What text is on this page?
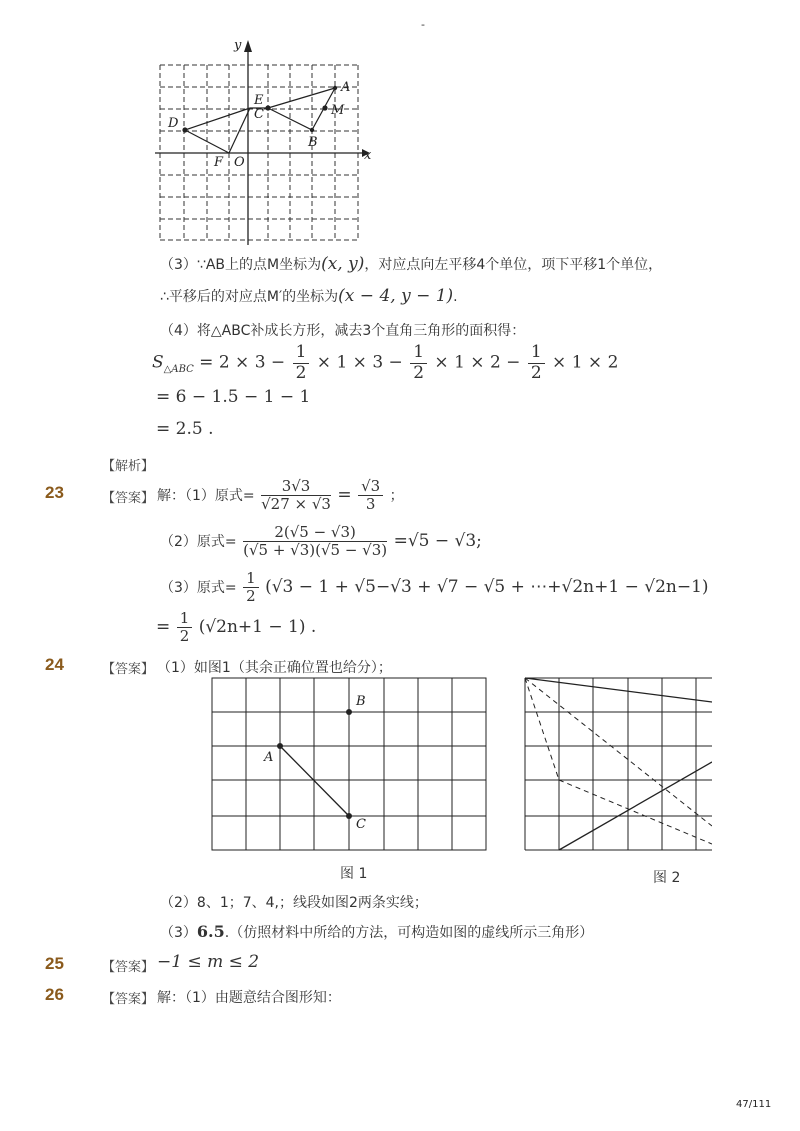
-
y
x
A
E
M
C
D
B
F O
（3）∵AB上的点M坐标为(x, y)，对应点向左平移4个单位，项下平移1个单位，
∴平移后的对应点M′的坐标为(x − 4, y − 1).
（4）将△ABC补成长方形，减去3个直角三角形的面积得：
$S_{\triangle ABC} = 2 \times 3 - \frac{1}{2} \times 1 \times 3 - \frac{1}{2} \times 1 \times 2 - \frac{1}{2} \times 1 \times 2$
= 6 − 1.5 − 1 − 1
= 2.5 .
【解析】
23	【答案】 解：（1）原式= $\frac{3√3}{√27 \times √3} = \frac{√3}{3}$ ；
（2）原式= $\frac{2(√5 - √3)}{(√5 + √3)(√5 - √3)} =√5 - √3$;
（3）原式= $\frac{1}{2} (√3 - 1 + √5-√3 + √7 - √5$ + ⋯+√2n+1 − √2n−1)
= $\frac{1}{2} (√2n+1 - 1)$ .
24	【答案】 （1）如图1（其余正确位置也给分）；
B
A
C
图 1	图 2
（2）8、1；7、4,；线段如图2两条实线；
（3）6.5.（仿照材料中所给的方法，可构造如图的虚线所示三角形）
25	【答案】 −1 ≤ m ≤ 2
26	【答案】 解：（1）由题意结合图形知：
47/111
